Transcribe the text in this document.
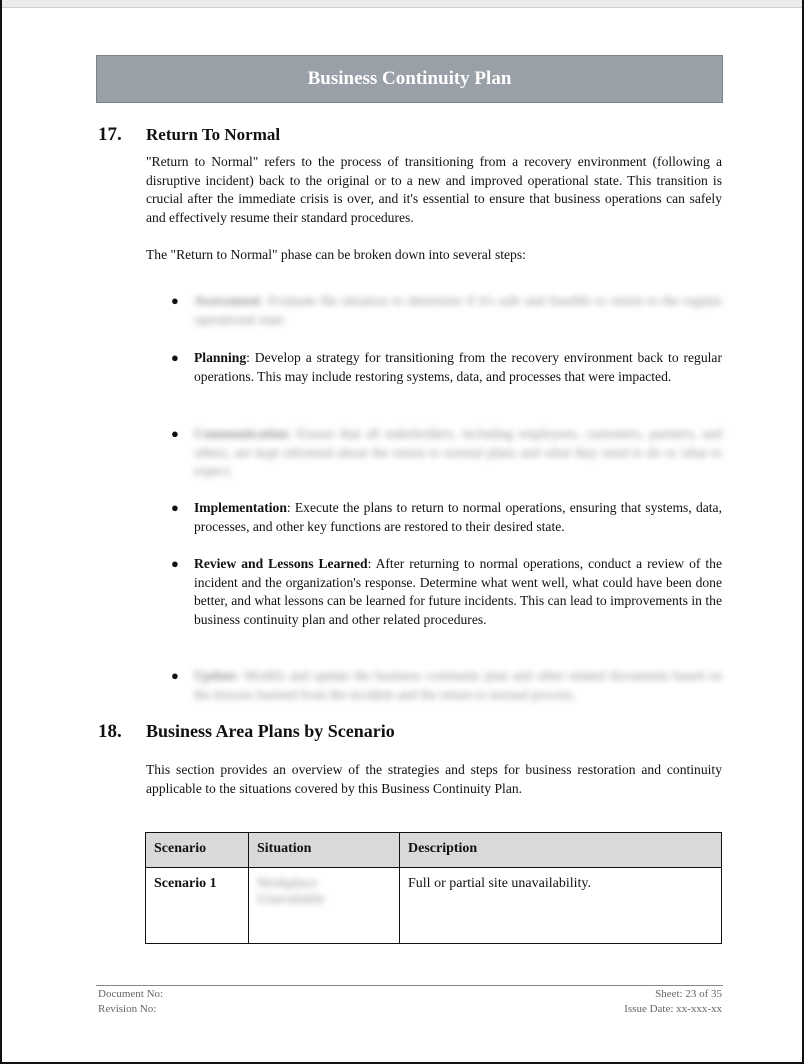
Business Continuity Plan
17.	Return To Normal

"Return to Normal" refers to the process of transitioning from a recovery environment (following a disruptive incident) back to the original or to a new and improved operational state. This transition is crucial after the immediate crisis is over, and it's essential to ensure that business operations can safely and effectively resume their standard procedures.

The "Return to Normal" phase can be broken down into several steps:

● Assessment: Evaluate the situation to determine if it's safe and feasible to return to the regular operational state.
● Planning: Develop a strategy for transitioning from the recovery environment back to regular operations. This may include restoring systems, data, and processes that were impacted.
● Communication: Ensure that all stakeholders, including employees, customers, partners, and others, are kept informed about the return to normal plans and what they need to do or what to expect.
● Implementation: Execute the plans to return to normal operations, ensuring that systems, data, processes, and other key functions are restored to their desired state.
● Review and Lessons Learned: After returning to normal operations, conduct a review of the incident and the organization's response. Determine what went well, what could have been done better, and what lessons can be learned for future incidents. This can lead to improvements in the business continuity plan and other related procedures.
● Update: Modify and update the business continuity plan and other related documents based on the lessons learned from the incident and the return to normal process.
18.	Business Area Plans by Scenario

This section provides an overview of the strategies and steps for business restoration and continuity applicable to the situations covered by this Business Continuity Plan.

Scenario	Situation	Description
Scenario 1	Workplace Unavailable	Full or partial site unavailability.
Document No:
Revision No:
Sheet: 23 of 35
Issue Date: xx-xxx-xx
